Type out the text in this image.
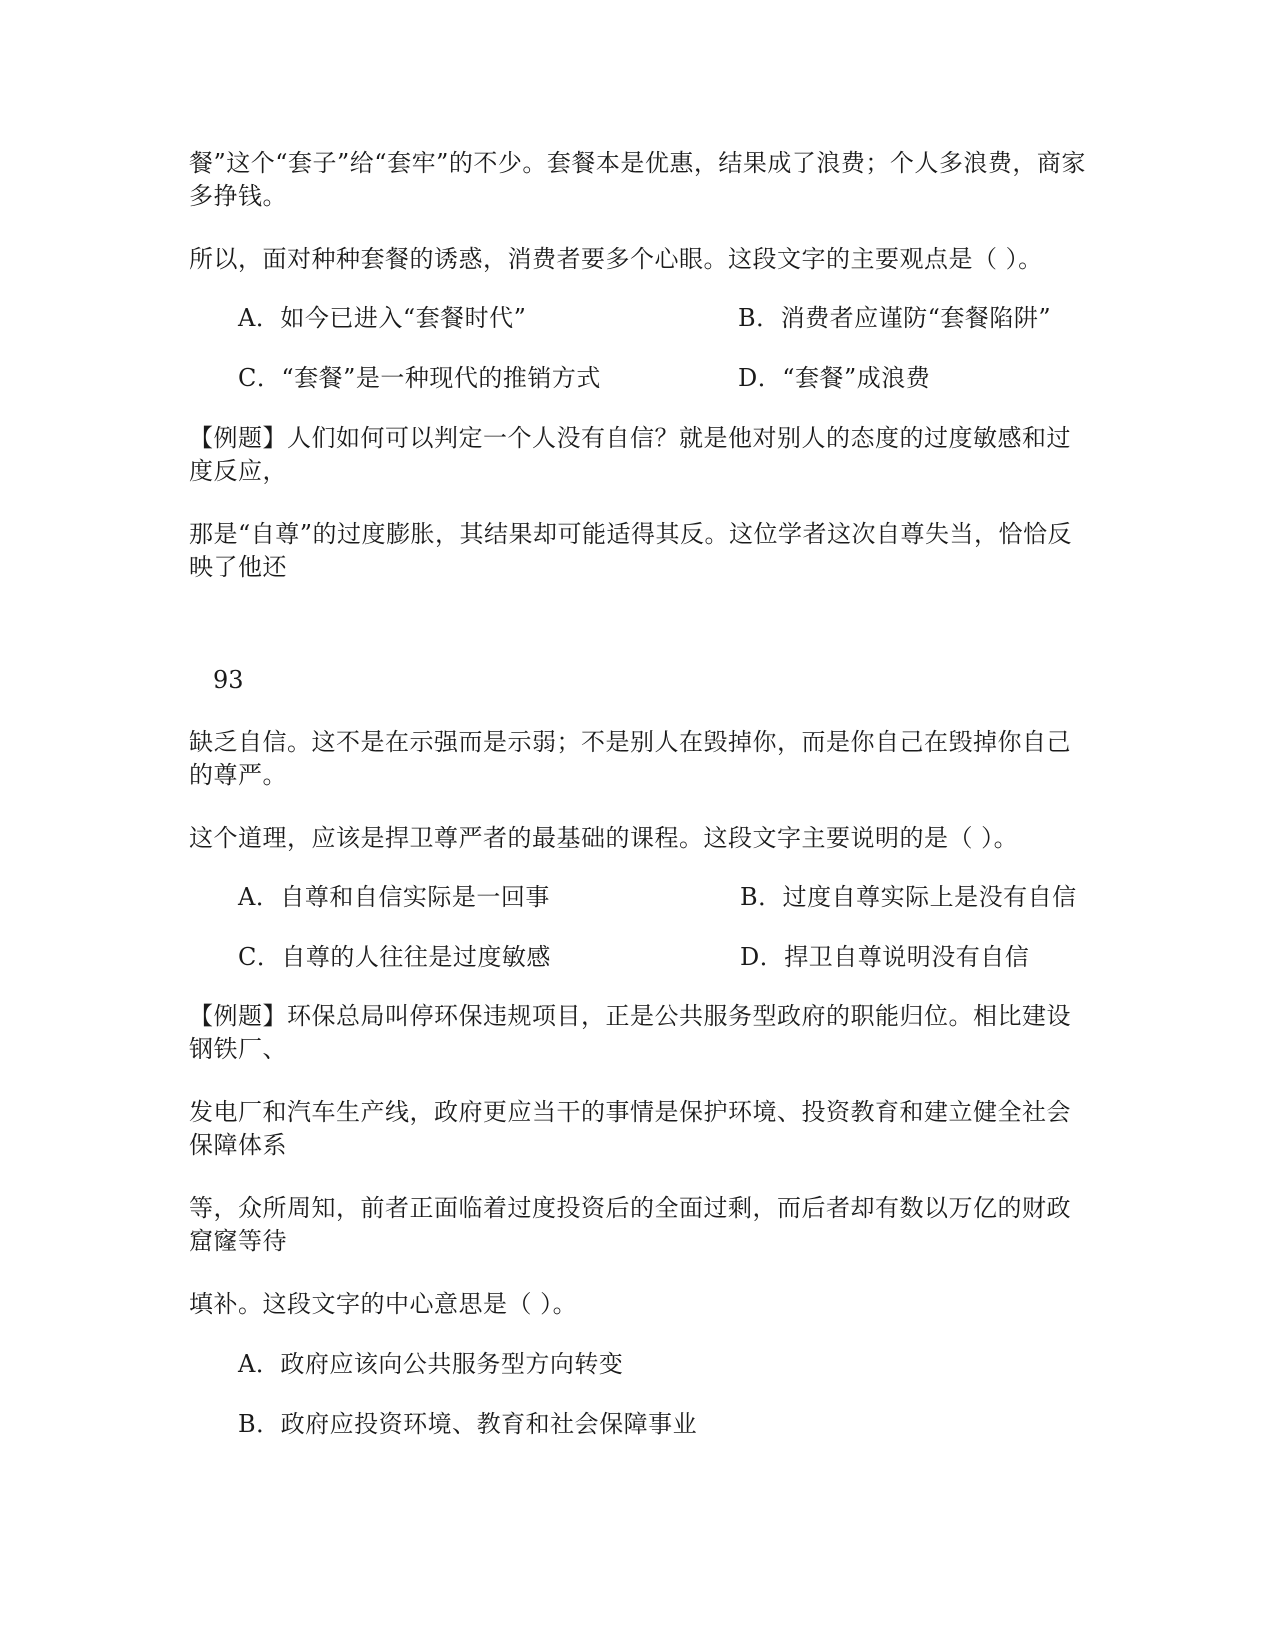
餐”这个“套子”给“套牢”的不少。套餐本是优惠，结果成了浪费；个人多浪费，商家
多挣钱。
所以，面对种种套餐的诱惑，消费者要多个心眼。这段文字的主要观点是（ ）。
A．如今已进入“套餐时代”	B．消费者应谨防“套餐陷阱”
C．“套餐”是一种现代的推销方式	D．“套餐”成浪费
【例题】人们如何可以判定一个人没有自信？就是他对别人的态度的过度敏感和过
度反应，
那是“自尊”的过度膨胀，其结果却可能适得其反。这位学者这次自尊失当，恰恰反
映了他还
93
缺乏自信。这不是在示强而是示弱；不是别人在毁掉你，而是你自己在毁掉你自己
的尊严。
这个道理，应该是捍卫尊严者的最基础的课程。这段文字主要说明的是（ ）。
A．自尊和自信实际是一回事	B．过度自尊实际上是没有自信
C．自尊的人往往是过度敏感	D．捍卫自尊说明没有自信
【例题】环保总局叫停环保违规项目，正是公共服务型政府的职能归位。相比建设
钢铁厂、
发电厂和汽车生产线，政府更应当干的事情是保护环境、投资教育和建立健全社会
保障体系
等，众所周知，前者正面临着过度投资后的全面过剩，而后者却有数以万亿的财政
窟窿等待
填补。这段文字的中心意思是（ ）。
A．政府应该向公共服务型方向转变
B．政府应投资环境、教育和社会保障事业
